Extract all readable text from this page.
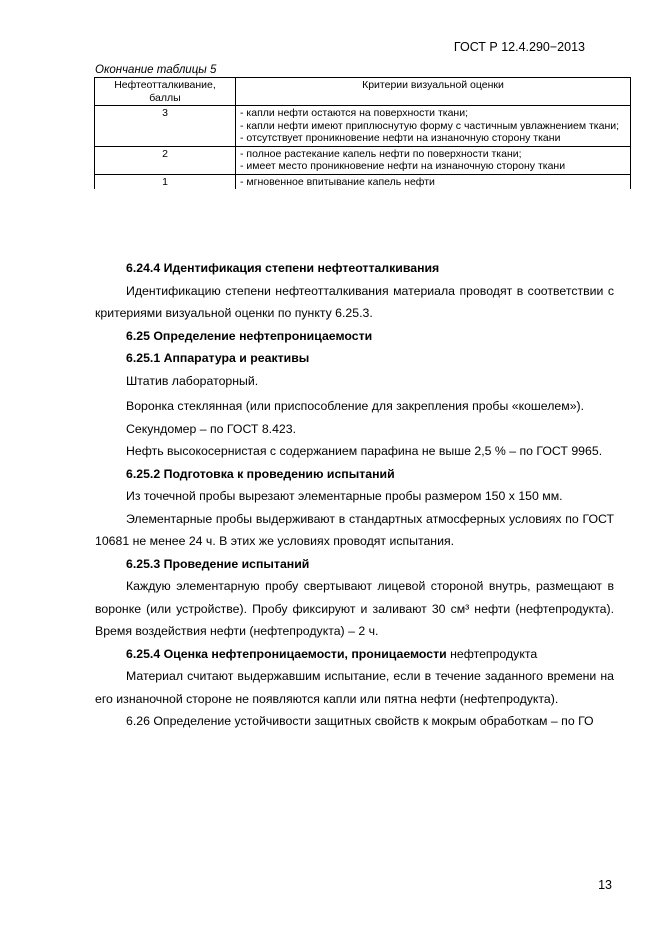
ГОСТ Р 12.4.290−2013
Окончание таблицы 5
Нефтеотталкивание, баллы	Критерии визуальной оценки
3	- капли нефти остаются на поверхности ткани;

- капли нефти имеют приплюснутую форму с частичным увлажнением ткани;

- отсутствует проникновение нефти на изнаночную сторону ткани

2	- полное растекание капель нефти по поверхности ткани;

- имеет место проникновение нефти на изнаночную сторону ткани

1	- мгновенное впитывание капель нефти

6.24.4 Идентификация степени нефтеотталкивания

Идентификацию степени нефтеотталкивания материала проводят в соответствии с критериями визуальной оценки по пункту 6.25.3.

6.25 Определение нефтепроницаемости

6.25.1 Аппаратура и реактивы

Штатив лабораторный.

Воронка стеклянная (или приспособление для закрепления пробы «кошелем»).

Секундомер – по ГОСТ 8.423.

Нефть высокосернистая с содержанием парафина не выше 2,5 % – по ГОСТ 9965.

6.25.2 Подготовка к проведению испытаний

Из точечной пробы вырезают элементарные пробы размером 150 х 150 мм.

Элементарные пробы выдерживают в стандартных атмосферных условиях по ГОСТ 10681 не менее 24 ч. В этих же условиях проводят испытания.

6.25.3 Проведение испытаний

Каждую элементарную пробу свертывают лицевой стороной внутрь, размещают в воронке (или устройстве). Пробу фиксируют и заливают 30 см³ нефти (нефтепродукта). Время воздействия нефти (нефтепродукта) – 2 ч.

6.25.4 Оценка нефтепроницаемости, проницаемости нефтепродукта

Материал считают выдержавшим испытание, если в течение заданного времени на его изнаночной стороне не появляются капли или пятна нефти (нефтепродукта).

6.26 Определение устойчивости защитных свойств к мокрым обработкам – по ГО

13
